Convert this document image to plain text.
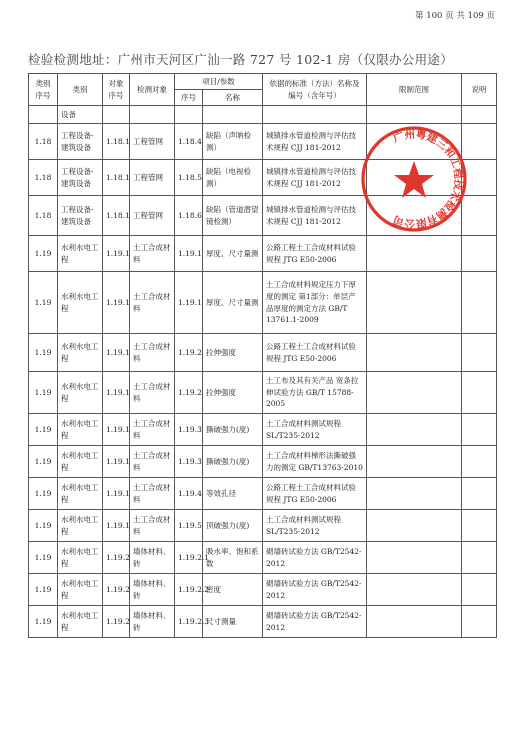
第 100 页 共 109 页
检验检测地址：广州市天河区广汕一路 727 号 102-1 房（仅限办公用途）
类别序号	类别	对象序号	检测对象	项目/参数		依据的标准（方法）名称及编号（含年号）	限制范围	说明
				序号	名称			
	设备							
1.18	工程设备-建筑设备	1.18.1	工程管网	1.18.4	缺陷（声呐检测）	城镇排水管道检测与评估技术规程 CJJ 181-2012		
1.18	工程设备-建筑设备	1.18.1	工程管网	1.18.5	缺陷（电视检测）	城镇排水管道检测与评估技术规程 CJJ 181-2012		
1.18	工程设备-建筑设备	1.18.1	工程管网	1.18.6	缺陷（管道潜望镜检测）	城镇排水管道检测与评估技术规程 CJJ 181-2012		
1.19	水利水电工程	1.19.1	土工合成材料	1.19.1	厚度、尺寸量测	公路工程土工合成材料试验规程 JTG E50-2006		
1.19	水利水电工程	1.19.1	土工合成材料	1.19.1	厚度、尺寸量测	土工合成材料规定压力下厚度的测定 第1部分：单层产品厚度的测定方法 GB/T 13761.1-2009		
1.19	水利水电工程	1.19.1	土工合成材料	1.19.2	拉伸强度	公路工程土工合成材料试验规程 JTG E50-2006		
1.19	水利水电工程	1.19.1	土工合成材料	1.19.2	拉伸强度	土工布及其有关产品 宽条拉伸试验方法 GB/T 15788-2005		
1.19	水利水电工程	1.19.1	土工合成材料	1.19.3	撕破强力(度)	土工合成材料测试规程 SL/T235-2012		
1.19	水利水电工程	1.19.1	土工合成材料	1.19.3	撕破强力(度)	土工合成材料梯形法撕破强力的测定 GB/T13763-2010		
1.19	水利水电工程	1.19.1	土工合成材料	1.19.4	等效孔径	公路工程土工合成材料试验规程 JTG E50-2006		
1.19	水利水电工程	1.19.1	土工合成材料	1.19.5	顶破强力(度)	土工合成材料测试规程 SL/T235-2012		
1.19	水利水电工程	1.19.2	墙体材料、砖	1.19.2.1	吸水率、饱和系数	砌墙砖试验方法 GB/T2542-2012		
1.19	水利水电工程	1.19.2	墙体材料、砖	1.19.2.2	密度	砌墙砖试验方法 GB/T2542-2012		
1.19	水利水电工程	1.19.2	墙体材料、砖	1.19.2.3	尺寸测量	砌墙砖试验方法 GB/T2542-2012		
广州粤建三和工程技术检测有限公司
